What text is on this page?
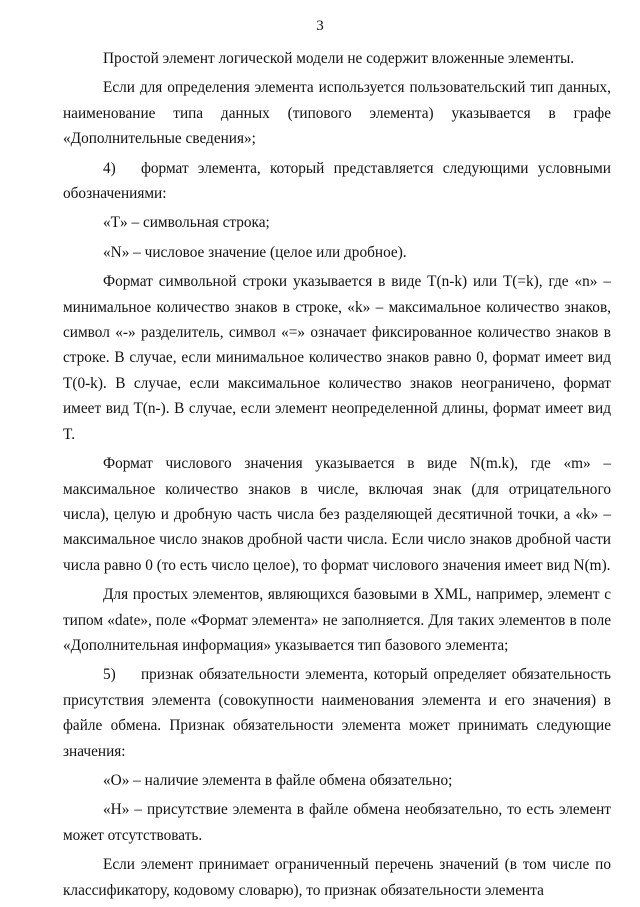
3

Простой элемент логической модели не содержит вложенные элементы.

Если для определения элемента используется пользовательский тип данных, наименование типа данных (типового элемента) указывается в графе «Дополнительные сведения»;

4) формат элемента, который представляется следующими условными обозначениями:

«T» – символьная строка;

«N» – числовое значение (целое или дробное).

Формат символьной строки указывается в виде T(n-k) или T(=k), где «n» – минимальное количество знаков в строке, «k» – максимальное количество знаков, символ «-» разделитель, символ «=» означает фиксированное количество знаков в строке. В случае, если минимальное количество знаков равно 0, формат имеет вид T(0-k). В случае, если максимальное количество знаков неограничено, формат имеет вид T(n-). В случае, если элемент неопределенной длины, формат имеет вид T.

Формат числового значения указывается в виде N(m.k), где «m» – максимальное количество знаков в числе, включая знак (для отрицательного числа), целую и дробную часть числа без разделяющей десятичной точки, а «k» – максимальное число знаков дробной части числа. Если число знаков дробной части числа равно 0 (то есть число целое), то формат числового значения имеет вид N(m).

Для простых элементов, являющихся базовыми в XML, например, элемент с типом «date», поле «Формат элемента» не заполняется. Для таких элементов в поле «Дополнительная информация» указывается тип базового элемента;

5) признак обязательности элемента, который определяет обязательность присутствия элемента (совокупности наименования элемента и его значения) в файле обмена. Признак обязательности элемента может принимать следующие значения:

«О» – наличие элемента в файле обмена обязательно;

«Н» – присутствие элемента в файле обмена необязательно, то есть элемент может отсутствовать.

Если элемент принимает ограниченный перечень значений (в том числе по классификатору, кодовому словарю), то признак обязательности элемента
